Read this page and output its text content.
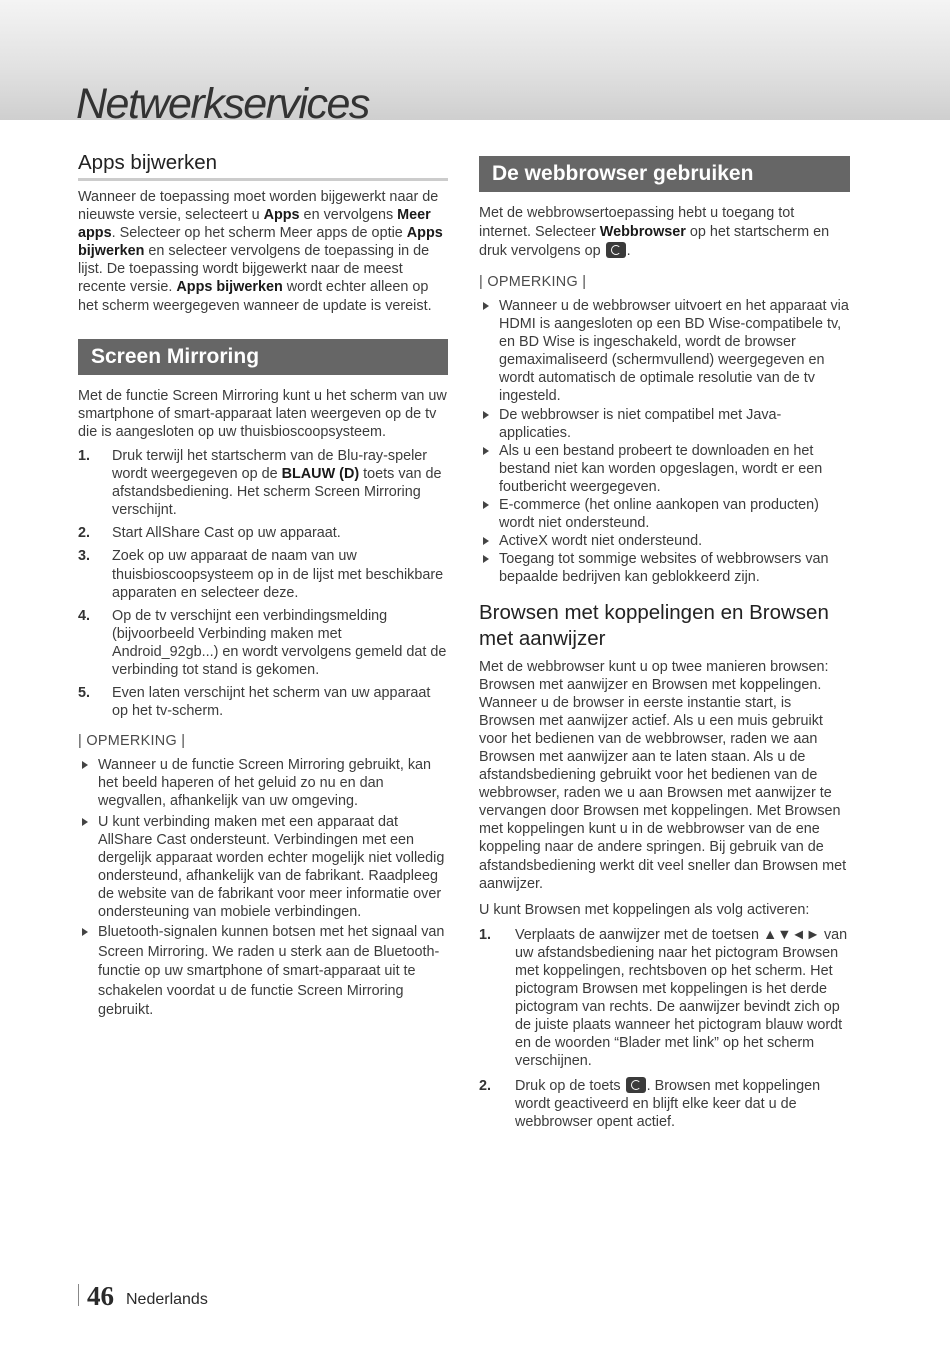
Netwerkservices
Apps bijwerken

Wanneer de toepassing moet worden bijgewerkt naar de nieuwste versie, selecteert u Apps en vervolgens Meer apps. Selecteer op het scherm Meer apps de optie Apps bijwerken en selecteer vervolgens de toepassing in de lijst. De toepassing wordt bijgewerkt naar de meest recente versie. Apps bijwerken wordt echter alleen op het scherm weergegeven wanneer de update is vereist.

Screen Mirroring

Met de functie Screen Mirroring kunt u het scherm van uw smartphone of smart-apparaat laten weergeven op de tv die is aangesloten op uw thuisbioscoopsysteem.

1. Druk terwijl het startscherm van de Blu-ray-speler wordt weergegeven op de BLAUW (D) toets van de afstandsbediening. Het scherm Screen Mirroring verschijnt.
2. Start AllShare Cast op uw apparaat.
3. Zoek op uw apparaat de naam van uw thuisbioscoopsysteem op in de lijst met beschikbare apparaten en selecteer deze.
4. Op de tv verschijnt een verbindingsmelding (bijvoorbeeld Verbinding maken met Android_92gb...) en wordt vervolgens gemeld dat de verbinding tot stand is gekomen.
5. Even laten verschijnt het scherm van uw apparaat op het tv-scherm.

| OPMERKING |

Wanneer u de functie Screen Mirroring gebruikt, kan het beeld haperen of het geluid zo nu en dan wegvallen, afhankelijk van uw omgeving.
U kunt verbinding maken met een apparaat dat AllShare Cast ondersteunt. Verbindingen met een dergelijk apparaat worden echter mogelijk niet volledig ondersteund, afhankelijk van de fabrikant. Raadpleeg de website van de fabrikant voor meer informatie over ondersteuning van mobiele verbindingen.
Bluetooth-signalen kunnen botsen met het signaal van Screen Mirroring. We raden u sterk aan de Bluetooth-functie op uw smartphone of smart-apparaat uit te schakelen voordat u de functie Screen Mirroring gebruikt.
De webbrowser gebruiken

Met de webbrowsertoepassing hebt u toegang tot internet. Selecteer Webbrowser op het startscherm en druk vervolgens op .

| OPMERKING |

Wanneer u de webbrowser uitvoert en het apparaat via HDMI is aangesloten op een BD Wise-compatibele tv, en BD Wise is ingeschakeld, wordt de browser gemaximaliseerd (schermvullend) weergegeven en wordt automatisch de optimale resolutie van de tv ingesteld.
De webbrowser is niet compatibel met Java-applicaties.
Als u een bestand probeert te downloaden en het bestand niet kan worden opgeslagen, wordt er een foutbericht weergegeven.
E-commerce (het online aankopen van producten) wordt niet ondersteund.
ActiveX wordt niet ondersteund.
Toegang tot sommige websites of webbrowsers van bepaalde bedrijven kan geblokkeerd zijn.
Browsen met koppelingen en Browsen met aanwijzer

Met de webbrowser kunt u op twee manieren browsen: Browsen met aanwijzer en Browsen met koppelingen. Wanneer u de browser in eerste instantie start, is Browsen met aanwijzer actief. Als u een muis gebruikt voor het bedienen van de webbrowser, raden we aan Browsen met aanwijzer aan te laten staan. Als u de afstandsbediening gebruikt voor het bedienen van de webbrowser, raden we u aan Browsen met aanwijzer te vervangen door Browsen met koppelingen. Met Browsen met koppelingen kunt u in de webbrowser van de ene koppeling naar de andere springen. Bij gebruik van de afstandsbediening werkt dit veel sneller dan Browsen met aanwijzer.

U kunt Browsen met koppelingen als volg activeren:

1. Verplaats de aanwijzer met de toetsen ▲▼◄► van uw afstandsbediening naar het pictogram Browsen met koppelingen, rechtsboven op het scherm. Het pictogram Browsen met koppelingen is het derde pictogram van rechts. De aanwijzer bevindt zich op de juiste plaats wanneer het pictogram blauw wordt en de woorden “Blader met link” op het scherm verschijnen.
2. Druk op de toets . Browsen met koppelingen wordt geactiveerd en blijft elke keer dat u de webbrowser opent actief.
46 Nederlands
